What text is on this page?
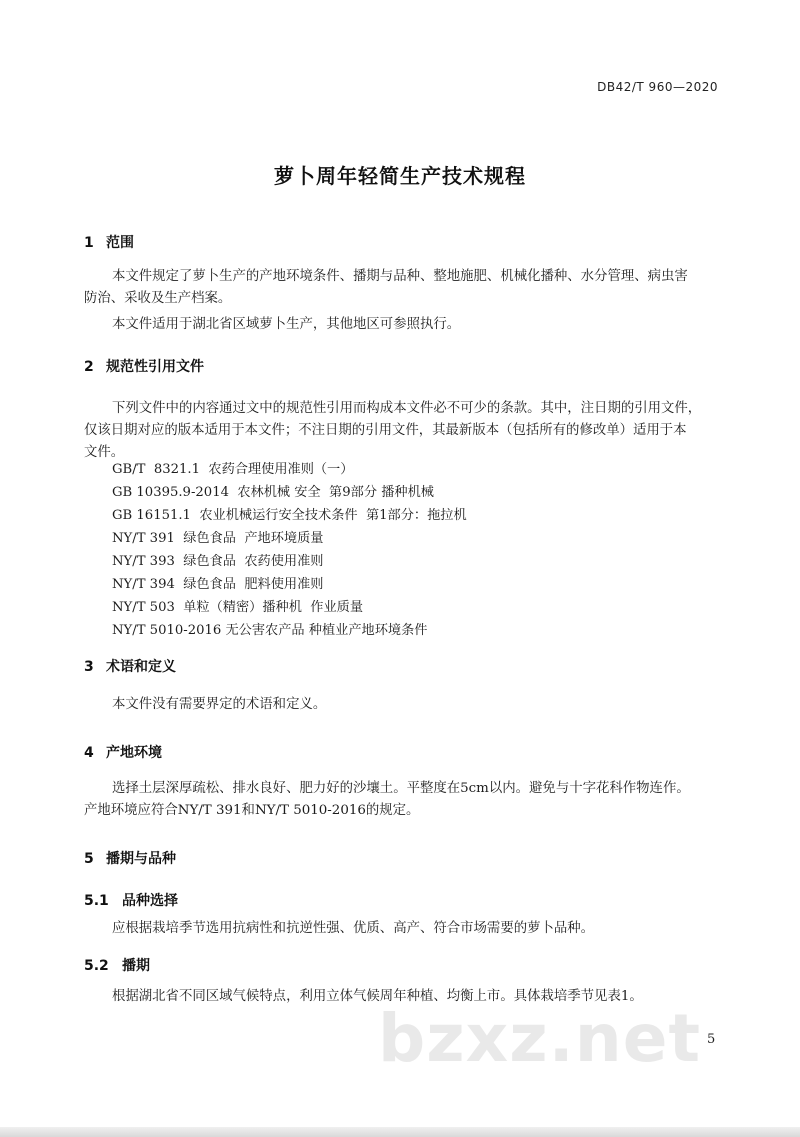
DB42/T 960—2020
萝卜周年轻简生产技术规程
1 范围
本文件规定了萝卜生产的产地环境条件、播期与品种、整地施肥、机械化播种、水分管理、病虫害
防治、采收及生产档案。
本文件适用于湖北省区域萝卜生产，其他地区可参照执行。
2 规范性引用文件
下列文件中的内容通过文中的规范性引用而构成本文件必不可少的条款。其中，注日期的引用文件，
仅该日期对应的版本适用于本文件；不注日期的引用文件，其最新版本（包括所有的修改单）适用于本
文件。
GB/T  8321.1  农药合理使用准则（一）
GB 10395.9-2014  农林机械 安全  第9部分 播种机械
GB 16151.1  农业机械运行安全技术条件  第1部分：拖拉机
NY/T 391  绿色食品  产地环境质量
NY/T 393  绿色食品  农药使用准则
NY/T 394  绿色食品  肥料使用准则
NY/T 503  单粒（精密）播种机  作业质量
NY/T 5010-2016 无公害农产品 种植业产地环境条件
3 术语和定义
本文件没有需要界定的术语和定义。
4 产地环境
选择土层深厚疏松、排水良好、肥力好的沙壤土。平整度在5cm以内。避免与十字花科作物连作。
产地环境应符合NY/T 391和NY/T 5010-2016的规定。
5 播期与品种
5.1 品种选择
应根据栽培季节选用抗病性和抗逆性强、优质、高产、符合市场需要的萝卜品种。
5.2 播期
根据湖北省不同区域气候特点，利用立体气候周年种植、均衡上市。具体栽培季节见表1。
bzxz.net 5
